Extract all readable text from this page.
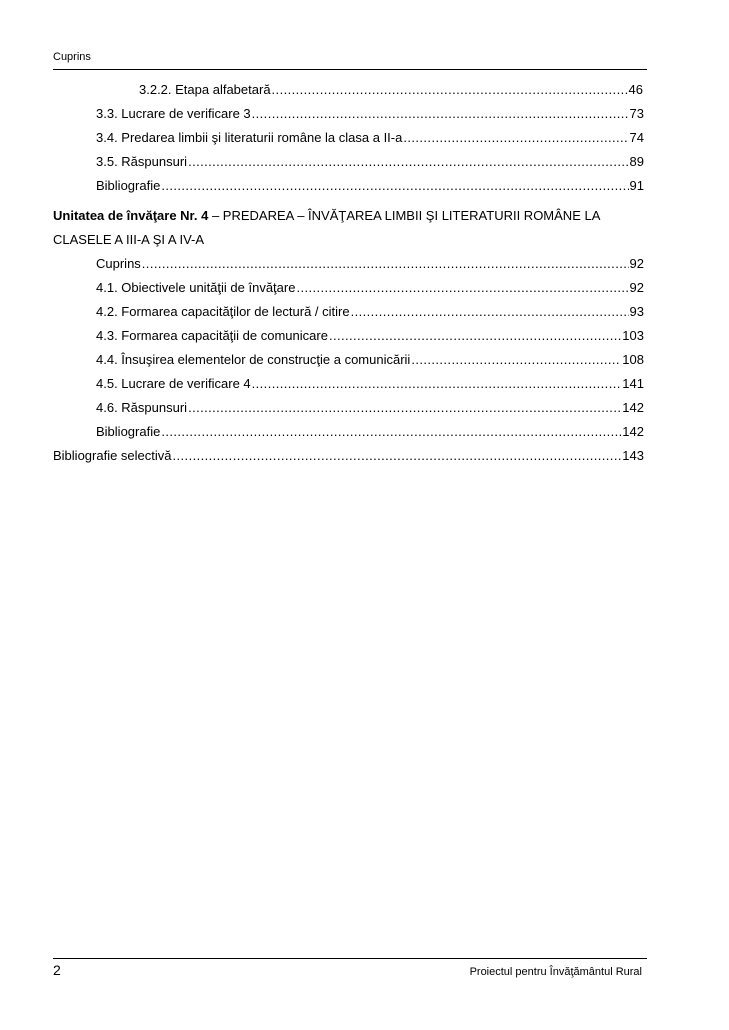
Cuprins
3.2.2. Etapa alfabetară .....	46
3.3. Lucrare de verificare 3 .....	73
3.4. Predarea limbii şi literaturii române la clasa a II-a .....	74
3.5. Răspunsuri .....	89
Bibliografie .....	91
Unitatea de învăţare Nr. 4 – PREDAREA – ÎNVĂŢAREA LIMBII ŞI LITERATURII ROMÂNE LA CLASELE A III-A ŞI A IV-A
Cuprins .....	92
4.1. Obiectivele unităţii de învăţare .....	92
4.2. Formarea capacităţilor de lectură / citire .....	93
4.3. Formarea capacităţii de comunicare .....	103
4.4. Însuşirea elementelor de construcţie a comunicării .....	108
4.5. Lucrare de verificare 4 .....	141
4.6. Răspunsuri .....	142
Bibliografie .....	142
Bibliografie selectivă .....	143
2	Proiectul pentru Învăţământul Rural
